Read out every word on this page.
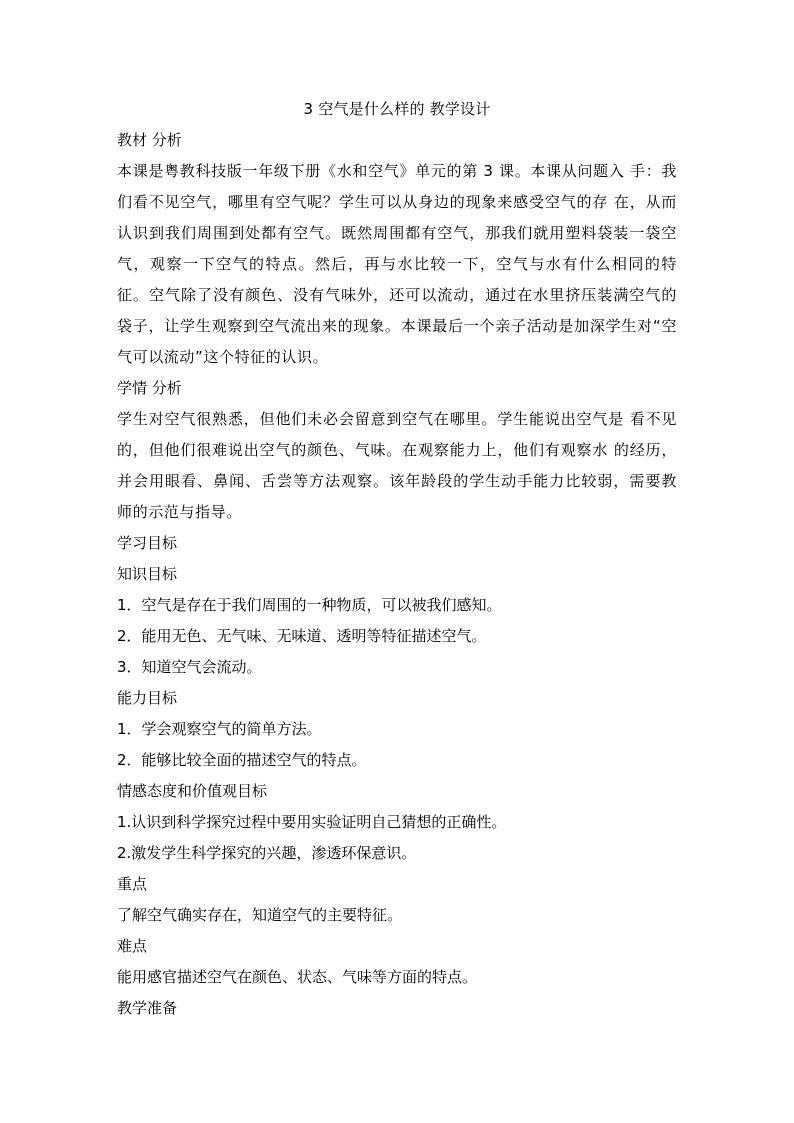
3 空气是什么样的 教学设计

教材 分析

本课是粤教科技版一年级下册《水和空气》单元的第 3 课。本课从问题入 手：我们看不见空气，哪里有空气呢？学生可以从身边的现象来感受空气的存 在，从而认识到我们周围到处都有空气。既然周围都有空气，那我们就用塑料袋装一袋空气，观察一下空气的特点。然后，再与水比较一下，空气与水有什么相同的特征。空气除了没有颜色、没有气味外，还可以流动，通过在水里挤压装满空气的袋子，让学生观察到空气流出来的现象。本课最后一个亲子活动是加深学生对“空气可以流动”这个特征的认识。

学情 分析

学生对空气很熟悉，但他们未必会留意到空气在哪里。学生能说出空气是 看不见的，但他们很难说出空气的颜色、气味。在观察能力上，他们有观察水 的经历，并会用眼看、鼻闻、舌尝等方法观察。该年龄段的学生动手能力比较弱，需要教师的示范与指导。

学习目标

知识目标

1．空气是存在于我们周围的一种物质，可以被我们感知。

2．能用无色、无气味、无味道、透明等特征描述空气。

3．知道空气会流动。

能力目标

1．学会观察空气的简单方法。

2．能够比较全面的描述空气的特点。

情感态度和价值观目标

1.认识到科学探究过程中要用实验证明自己猜想的正确性。

2.激发学生科学探究的兴趣，渗透环保意识。

重点

了解空气确实存在，知道空气的主要特征。

难点

能用感官描述空气在颜色、状态、气味等方面的特点。

教学准备
